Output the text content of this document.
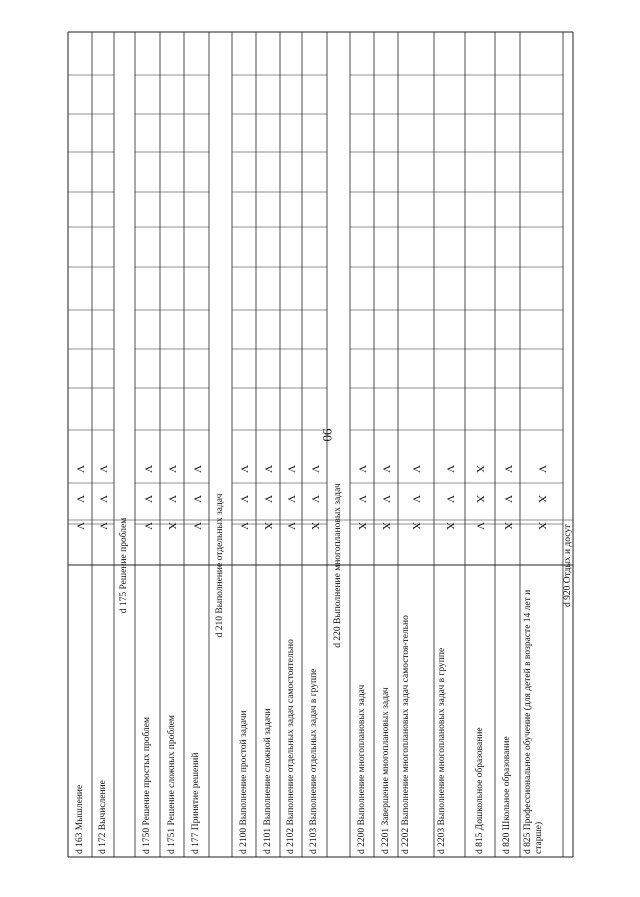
90
d 163 Мышление
V
V
V
d 172 Вычисление
V
V
V
d 175 Решение проблем
d 1750 Решение простых проблем
V
V
V
d 1751 Решение сложных проблем
X
V
V
d 177 Принятие решений
V
V
V
d 210 Выполнение отдельных задач
d 2100 Выполнение простой задачи
V
V
V
d 2101 Выполнение сложной задачи
X
V
V
d 2102 Выполнение отдельных задач самостоятельно
V
V
V
d 2103 Выполнение отдельных задач в группе
X
V
V
d 220 Выполнение многоплановых задач
d 2200 Выполнение многоплановых задач
X
V
V
d 2201 Завершение многоплановых задач
X
V
V
d 2202 Выполнение многоплановых задач самостоя-тельно
X
V
V
d 2203 Выполнение многоплановых задач в группе
X
V
V
d 815 Дошкольное образование
V
X
X
d 820 Школьное образование
X
V
V
d 825 Профессиональное обучение (для детей в возрасте 14 лет и старше)
X
X
V
d 920 Отдых и досуг
